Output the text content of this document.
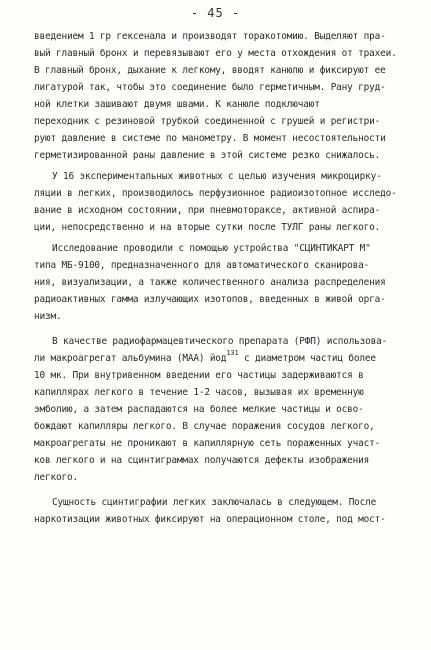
- 45 -
введением 1 гр гексенала и производят торакотомию. Выделяют пра-
вый главный бронх и перевязывают его у места отхождения от трахеи.
В главный бронх, дыхание к легкому, вводят канюлю и фиксируют ее
лигатурой так, чтобы это соединение было герметичным. Рану груд-
ной клетки зашивают двумя швами. К канюле подключают
переходник с резиновой трубкой соединенной с грушей и регистри-
руют давление в системе по манометру. В момент несостоятельности
герметизированной раны давление в этой системе резко снижалось.
У 16 экспериментальных животных с целью изучения микроцирку-
ляции в легких, производилось перфузионное радиоизотопное исследо-
вание в исходном состоянии, при пневмотораксе, активной аспира-
ции, непосредственно и на вторые сутки после ТУЛГ раны легкого.
Исследование проводили с помощью устройства "СЦИНТИКАРТ М"
типа МБ-9100, предназначенного для автоматического сканирова-
ния, визуализации, а также количественного анализа распределения
радиоактивных гамма излучающих изотопов, введенных в живой орга-
низм.
В качестве радиофармацевтического препарата (РФП) использова-
ли макроагрегат альбумина (МАА) йод$^{131}$ с диаметром частиц более
10 мк. При внутривенном введении его частицы задерживаются в
капиллярах легкого в течение 1-2 часов, вызывая их временную
эмболию, а затем распадаются на более мелкие частицы и осво-
бождают капилляры легкого. В случае поражения сосудов легкого,
макроагрегаты не проникают в капиллярную сеть пораженных участ-
ков легкого и на сцинтиграммах получаются дефекты изображения
легкого.
Сущность сцинтиграфии легких заключалась в следующем. После
наркотизации животных фиксируют на операционном столе, под мост-
